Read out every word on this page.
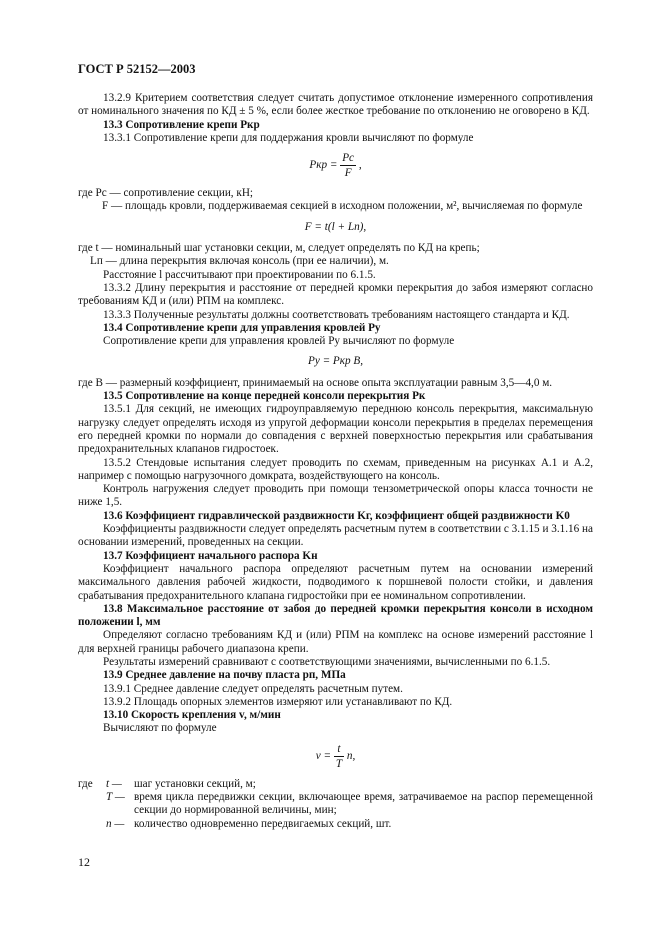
ГОСТ Р 52152—2003

13.2.9 Критерием соответствия следует считать допустимое отклонение измеренного сопротивления от номинального значения по КД ± 5 %, если более жесткое требование по отклонению не оговорено в КД.

13.3 Сопротивление крепи Pкр

13.3.1 Сопротивление крепи для поддержания кровли вычисляют по формуле

Pкр = $\frac{Pс}{F}$ ,

где Pс — сопротивление секции, кН;

F — площадь кровли, поддерживаемая секцией в исходном положении, м², вычисляемая по формуле

F = t(l + Lп),

где t — номинальный шаг установки секции, м, следует определять по КД на крепь;

Lп — длина перекрытия включая консоль (при ее наличии), м.

Расстояние l рассчитывают при проектировании по 6.1.5.

13.3.2 Длину перекрытия и расстояние от передней кромки перекрытия до забоя измеряют согласно требованиям КД и (или) РПМ на комплекс.

13.3.3 Полученные результаты должны соответствовать требованиям настоящего стандарта и КД.

13.4 Сопротивление крепи для управления кровлей Py

Сопротивление крепи для управления кровлей Py вычисляют по формуле

Py = Pкр B,

где B — размерный коэффициент, принимаемый на основе опыта эксплуатации равным 3,5—4,0 м.

13.5 Сопротивление на конце передней консоли перекрытия Pк

13.5.1 Для секций, не имеющих гидроуправляемую переднюю консоль перекрытия, максимальную нагрузку следует определять исходя из упругой деформации консоли перекрытия в пределах перемещения его передней кромки по нормали до совпадения с верхней поверхностью перекрытия или срабатывания предохранительных клапанов гидростоек.

13.5.2 Стендовые испытания следует проводить по схемам, приведенным на рисунках А.1 и А.2, например с помощью нагрузочного домкрата, воздействующего на консоль.

Контроль нагружения следует проводить при помощи тензометрической опоры класса точности не ниже 1,5.

13.6 Коэффициент гидравлической раздвижности Kг, коэффициент общей раздвижности K0

Коэффициенты раздвижности следует определять расчетным путем в соответствии с 3.1.15 и 3.1.16 на основании измерений, проведенных на секции.

13.7 Коэффициент начального распора Kн

Коэффициент начального распора определяют расчетным путем на основании измерений максимального давления рабочей жидкости, подводимого к поршневой полости стойки, и давления срабатывания предохранительного клапана гидростойки при ее номинальном сопротивлении.

13.8 Максимальное расстояние от забоя до передней кромки перекрытия консоли в исходном положении l, мм

Определяют согласно требованиям КД и (или) РПМ на комплекс на основе измерений расстояние l для верхней границы рабочего диапазона крепи.

Результаты измерений сравнивают с соответствующими значениями, вычисленными по 6.1.5.

13.9 Среднее давление на почву пласта pп, МПа

13.9.1 Среднее давление следует определять расчетным путем.

13.9.2 Площадь опорных элементов измеряют или устанавливают по КД.

13.10 Скорость крепления v, м/мин

Вычисляют по формуле

$v = \frac{t}{T} n$,
где	t —	шаг установки секций, м;
T — время цикла передвижки секции, включающее время, затрачиваемое на распор перемещенной секции до нормированной величины, мин;
n — количество одновременно передвигаемых секций, шт.
12
